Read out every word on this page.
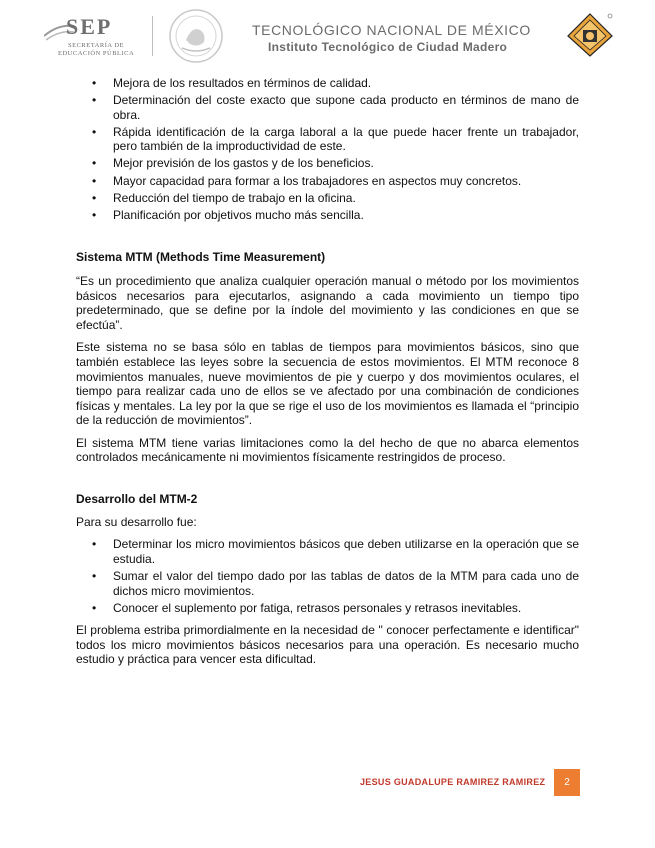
SEP
SECRETARÍA DE
EDUCACIÓN PÚBLICA
TECNOLÓGICO NACIONAL DE MÉXICO
Instituto Tecnológico de Ciudad Madero
• Mejora de los resultados en términos de calidad.
• Determinación del coste exacto que supone cada producto en términos de mano de obra.
• Rápida identificación de la carga laboral a la que puede hacer frente un trabajador, pero también de la improductividad de este.
• Mejor previsión de los gastos y de los beneficios.
• Mayor capacidad para formar a los trabajadores en aspectos muy concretos.
• Reducción del tiempo de trabajo en la oficina.
• Planificación por objetivos mucho más sencilla.
Sistema MTM (Methods Time Measurement)

“Es un procedimiento que analiza cualquier operación manual o método por los movimientos básicos necesarios para ejecutarlos, asignando a cada movimiento un tiempo tipo predeterminado, que se define por la índole del movimiento y las condiciones en que se efectúa”.

Este sistema no se basa sólo en tablas de tiempos para movimientos básicos, sino que también establece las leyes sobre la secuencia de estos movimientos. El MTM reconoce 8 movimientos manuales, nueve movimientos de pie y cuerpo y dos movimientos oculares, el tiempo para realizar cada uno de ellos se ve afectado por una combinación de condiciones físicas y mentales. La ley por la que se rige el uso de los movimientos es llamada el “principio de la reducción de movimientos”.

El sistema MTM tiene varias limitaciones como la del hecho de que no abarca elementos controlados mecánicamente ni movimientos físicamente restringidos de proceso.

Desarrollo del MTM-2

Para su desarrollo fue:

• Determinar los micro movimientos básicos que deben utilizarse en la operación que se estudia.
• Sumar el valor del tiempo dado por las tablas de datos de la MTM para cada uno de dichos micro movimientos.
• Conocer el suplemento por fatiga, retrasos personales y retrasos inevitables.

El problema estriba primordialmente en la necesidad de " conocer perfectamente e identificar" todos los micro movimientos básicos necesarios para una operación. Es necesario mucho estudio y práctica para vencer esta dificultad.

JESUS GUADALUPE RAMIREZ RAMIREZ 2
